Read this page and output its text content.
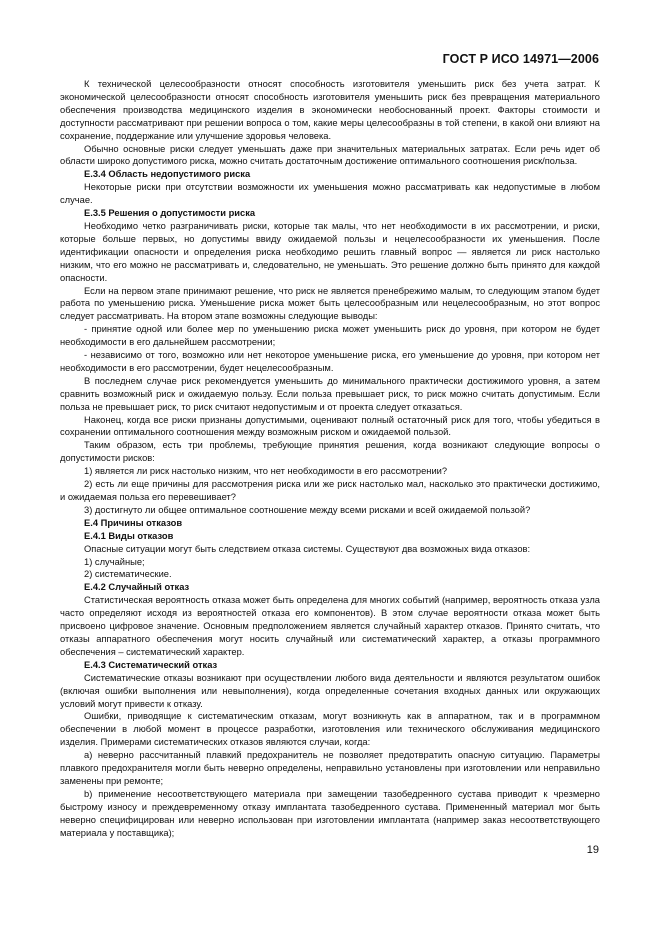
ГОСТ Р ИСО 14971—2006

К технической целесообразности относят способность изготовителя уменьшить риск без учета затрат. К экономической целесообразности относят способность изготовителя уменьшить риск без превращения материального обеспечения производства медицинского изделия в экономически необоснованный проект. Факторы стоимости и доступности рассматривают при решении вопроса о том, какие меры целесообразны в той степени, в какой они влияют на сохранение, поддержание или улучшение здоровья человека.

Обычно основные риски следует уменьшать даже при значительных материальных затратах. Если речь идет об области широко допустимого риска, можно считать достаточным достижение оптимального соотношения риск/польза.

Е.3.4 Область недопустимого риска

Некоторые риски при отсутствии возможности их уменьшения можно рассматривать как недопустимые в любом случае.

Е.3.5 Решения о допустимости риска

Необходимо четко разграничивать риски, которые так малы, что нет необходимости в их рассмотрении, и риски, которые больше первых, но допустимы ввиду ожидаемой пользы и нецелесообразности их уменьшения. После идентификации опасности и определения риска необходимо решить главный вопрос — является ли риск настолько низким, что его можно не рассматривать и, следовательно, не уменьшать. Это решение должно быть принято для каждой опасности.

Если на первом этапе принимают решение, что риск не является пренебрежимо малым, то следующим этапом будет работа по уменьшению риска. Уменьшение риска может быть целесообразным или нецелесообразным, но этот вопрос следует рассматривать. На втором этапе возможны следующие выводы:

- принятие одной или более мер по уменьшению риска может уменьшить риск до уровня, при котором не будет необходимости в его дальнейшем рассмотрении;

- независимо от того, возможно или нет некоторое уменьшение риска, его уменьшение до уровня, при котором нет необходимости в его рассмотрении, будет нецелесообразным.

В последнем случае риск рекомендуется уменьшить до минимального практически достижимого уровня, а затем сравнить возможный риск и ожидаемую пользу. Если польза превышает риск, то риск можно считать допустимым. Если польза не превышает риск, то риск считают недопустимым и от проекта следует отказаться.

Наконец, когда все риски признаны допустимыми, оценивают полный остаточный риск для того, чтобы убедиться в сохранении оптимального соотношения между возможным риском и ожидаемой пользой.

Таким образом, есть три проблемы, требующие принятия решения, когда возникают следующие вопросы о допустимости рисков:

1) является ли риск настолько низким, что нет необходимости в его рассмотрении?

2) есть ли еще причины для рассмотрения риска или же риск настолько мал, насколько это практически достижимо, и ожидаемая польза его перевешивает?

3) достигнуто ли общее оптимальное соотношение между всеми рисками и всей ожидаемой пользой?

Е.4 Причины отказов

Е.4.1 Виды отказов

Опасные ситуации могут быть следствием отказа системы. Существуют два возможных вида отказов:

1) случайные;

2) систематические.

Е.4.2 Случайный отказ

Статистическая вероятность отказа может быть определена для многих событий (например, вероятность отказа узла часто определяют исходя из вероятностей отказа его компонентов). В этом случае вероятности отказа может быть присвоено цифровое значение. Основным предположением является случайный характер отказов. Принято считать, что отказы аппаратного обеспечения могут носить случайный или систематический характер, а отказы программного обеспечения – систематический характер.

Е.4.3 Систематический отказ

Систематические отказы возникают при осуществлении любого вида деятельности и являются результатом ошибок (включая ошибки выполнения или невыполнения), когда определенные сочетания входных данных или окружающих условий могут привести к отказу.

Ошибки, приводящие к систематическим отказам, могут возникнуть как в аппаратном, так и в программном обеспечении в любой момент в процессе разработки, изготовления или технического обслуживания медицинского изделия. Примерами систематических отказов являются случаи, когда:

а) неверно рассчитанный плавкий предохранитель не позволяет предотвратить опасную ситуацию. Параметры плавкого предохранителя могли быть неверно определены, неправильно установлены при изготовлении или неправильно заменены при ремонте;

b) применение несоответствующего материала при замещении тазобедренного сустава приводит к чрезмерно быстрому износу и преждевременному отказу имплантата тазобедренного сустава. Примененный материал мог быть неверно специфицирован или неверно использован при изготовлении имплантата (например заказ несоответствующего материала у поставщика);

19
